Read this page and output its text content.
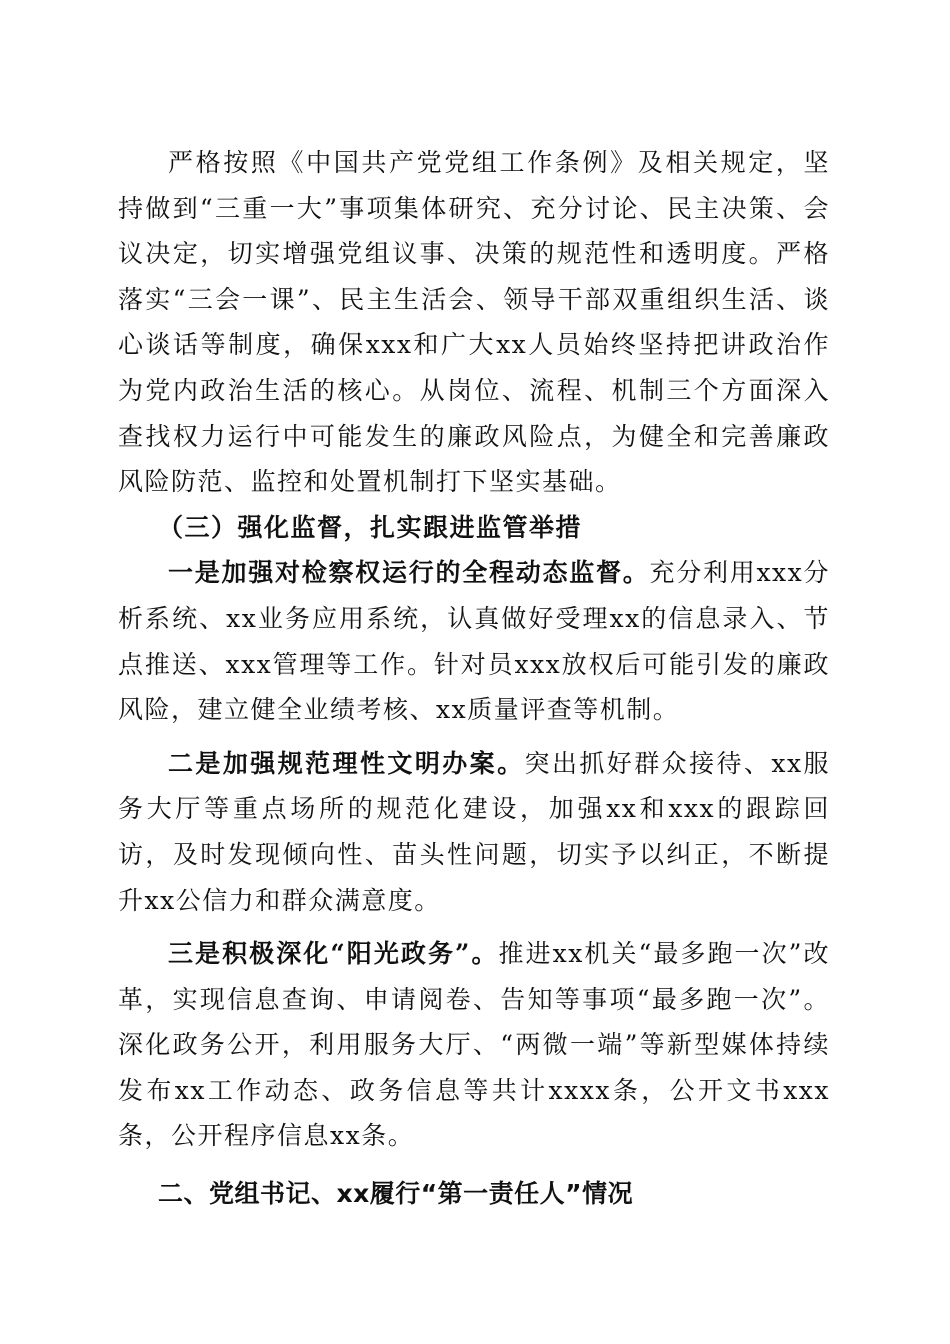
严格按照《中国共产党党组工作条例》及相关规定，坚持做到“三重一大”事项集体研究、充分讨论、民主决策、会议决定，切实增强党组议事、决策的规范性和透明度。严格落实“三会一课”、民主生活会、领导干部双重组织生活、谈心谈话等制度，确保xxx和广大xx人员始终坚持把讲政治作为党内政治生活的核心。从岗位、流程、机制三个方面深入查找权力运行中可能发生的廉政风险点，为健全和完善廉政风险防范、监控和处置机制打下坚实基础。

（三）强化监督，扎实跟进监管举措

一是加强对检察权运行的全程动态监督。充分利用xxx分析系统、xx业务应用系统，认真做好受理xx的信息录入、节点推送、xxx管理等工作。针对员xxx放权后可能引发的廉政风险，建立健全业绩考核、xx质量评查等机制。

二是加强规范理性文明办案。突出抓好群众接待、xx服务大厅等重点场所的规范化建设，加强xx和xxx的跟踪回访，及时发现倾向性、苗头性问题，切实予以纠正，不断提升xx公信力和群众满意度。

三是积极深化“阳光政务”。推进xx机关“最多跑一次”改革，实现信息查询、申请阅卷、告知等事项“最多跑一次”。深化政务公开，利用服务大厅、“两微一端”等新型媒体持续发布xx工作动态、政务信息等共计xxxx条，公开文书xxx条，公开程序信息xx条。

二、党组书记、xx履行“第一责任人”情况
